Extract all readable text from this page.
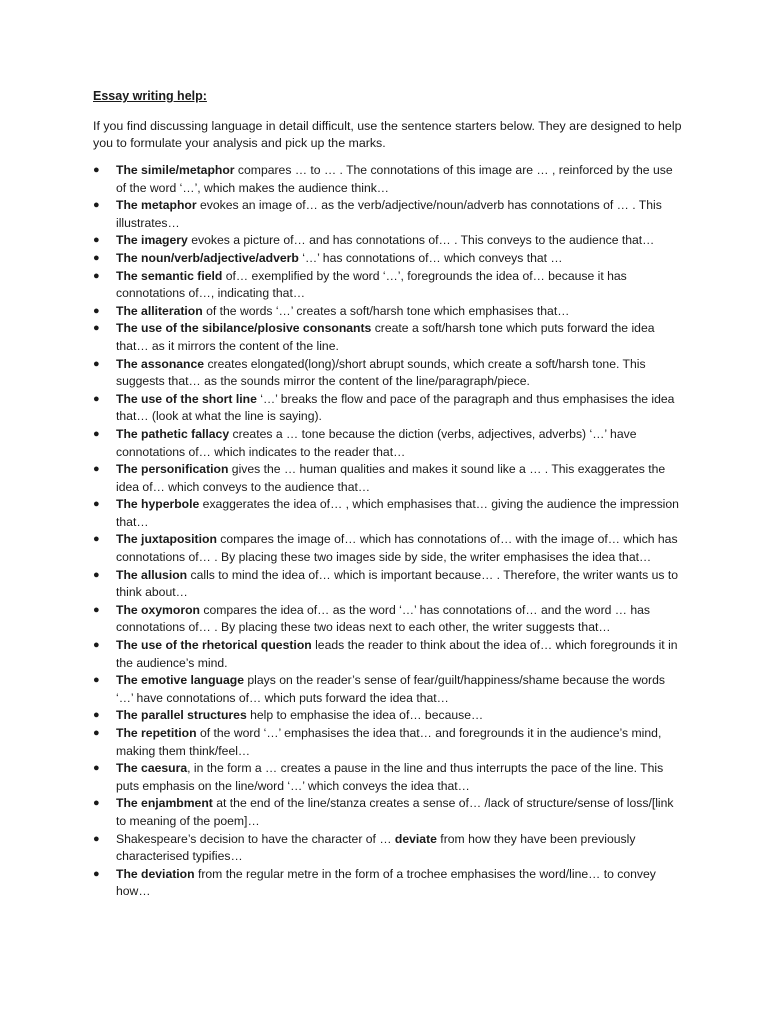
Essay writing help:

If you find discussing language in detail difficult, use the sentence starters below. They are designed to help you to formulate your analysis and pick up the marks.

● The simile/metaphor compares … to … . The connotations of this image are … , reinforced by the use of the word ‘…’, which makes the audience think…
● The metaphor evokes an image of… as the verb/adjective/noun/adverb has connotations of … . This illustrates…
● The imagery evokes a picture of… and has connotations of… . This conveys to the audience that…
● The noun/verb/adjective/adverb ‘…’ has connotations of… which conveys that …
● The semantic field of… exemplified by the word ‘…’, foregrounds the idea of… because it has connotations of…, indicating that…
● The alliteration of the words ‘…’ creates a soft/harsh tone which emphasises that…
● The use of the sibilance/plosive consonants create a soft/harsh tone which puts forward the idea that… as it mirrors the content of the line.
● The assonance creates elongated(long)/short abrupt sounds, which create a soft/harsh tone. This suggests that… as the sounds mirror the content of the line/paragraph/piece.
● The use of the short line ‘…’ breaks the flow and pace of the paragraph and thus emphasises the idea that… (look at what the line is saying).
● The pathetic fallacy creates a … tone because the diction (verbs, adjectives, adverbs) ‘…’ have connotations of… which indicates to the reader that…
● The personification gives the … human qualities and makes it sound like a … . This exaggerates the idea of… which conveys to the audience that…
● The hyperbole exaggerates the idea of… , which emphasises that… giving the audience the impression that…
● The juxtaposition compares the image of… which has connotations of… with the image of… which has connotations of… . By placing these two images side by side, the writer emphasises the idea that…
● The allusion calls to mind the idea of… which is important because… . Therefore, the writer wants us to think about…
● The oxymoron compares the idea of… as the word ‘…’ has connotations of… and the word … has connotations of… . By placing these two ideas next to each other, the writer suggests that…
● The use of the rhetorical question leads the reader to think about the idea of… which foregrounds it in the audience’s mind.
● The emotive language plays on the reader’s sense of fear/guilt/happiness/shame because the words ‘…’ have connotations of… which puts forward the idea that…
● The parallel structures help to emphasise the idea of… because…
● The repetition of the word ‘…’ emphasises the idea that… and foregrounds it in the audience’s mind, making them think/feel…
● The caesura, in the form a … creates a pause in the line and thus interrupts the pace of the line. This puts emphasis on the line/word ‘…’ which conveys the idea that…
● The enjambment at the end of the line/stanza creates a sense of… /lack of structure/sense of loss/[link to meaning of the poem]…
● Shakespeare’s decision to have the character of … deviate from how they have been previously characterised typifies…
● The deviation from the regular metre in the form of a trochee emphasises the word/line… to convey how…
